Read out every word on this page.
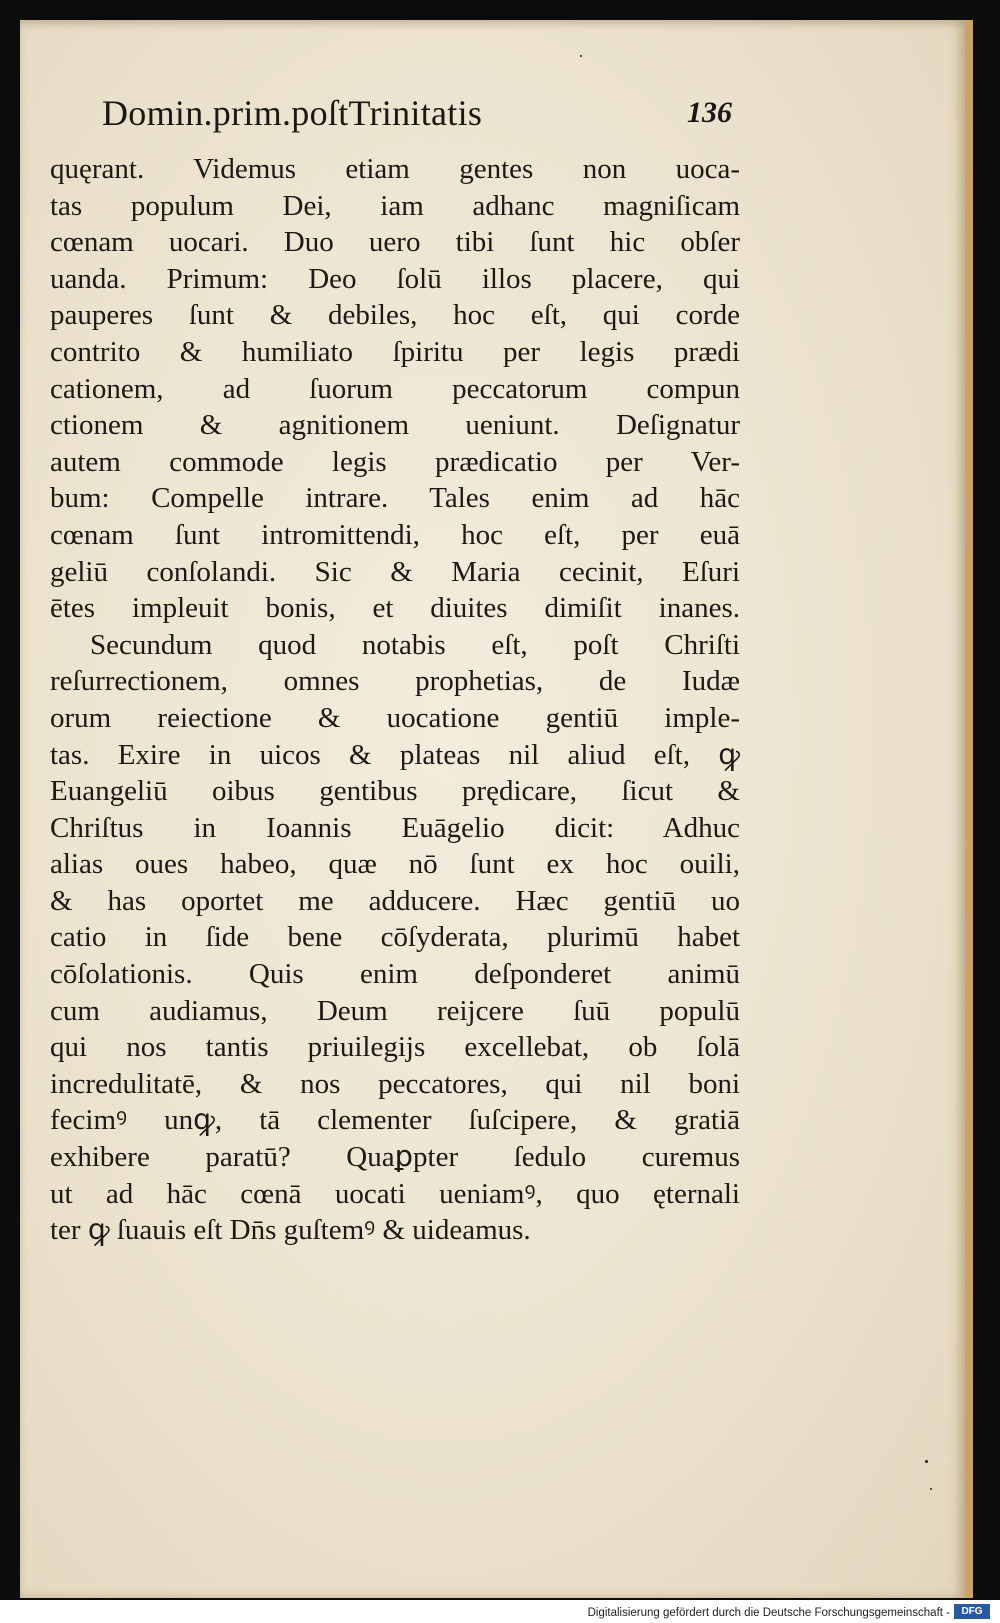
Domin.prim.poſtTrinitatis	136
quęrant. Videmus etiam gentes non uoca-
tas populum Dei, iam adhanc magniſicam
cœnam uocari. Duo uero tibi ſunt hic obſer
uanda. Primum: Deo ſolū illos placere, qui
pauperes ſunt & debiles, hoc eſt, qui corde
contrito & humiliato ſpiritu per legis prædi
cationem, ad ſuorum peccatorum compun
ctionem & agnitionem ueniunt. Deſignatur
autem commode legis prædicatio per Ver-
bum: Compelle intrare. Tales enim ad hāc
cœnam ſunt intromittendi, hoc eſt, per euā
geliū conſolandi. Sic & Maria cecinit, Eſuri
ētes impleuit bonis, et diuites dimiſit inanes.
Secundum quod notabis eſt, poſt Chriſti
reſurrectionem, omnes prophetias, de Iudæ
orum reiectione & uocatione gentiū imple-
tas. Exire in uicos & plateas nil aliud eſt, ꝙ
Euangeliū oibus gentibus prędicare, ſicut &
Chriſtus in Ioannis Euāgelio dicit: Adhuc
alias oues habeo, quæ nō ſunt ex hoc ouili,
& has oportet me adducere. Hæc gentiū uo
catio in ſide bene cōſyderata, plurimū habet
cōſolationis. Quis enim deſponderet animū
cum audiamus, Deum reijcere ſuū populū
qui nos tantis priuilegijs excellebat, ob ſolā
incredulitatē, & nos peccatores, qui nil boni
fecimꝰ unꝙ, tā clementer ſuſcipere, & gratiā
exhibere paratū? Quaꝑpter ſedulo curemus
ut ad hāc cœnā uocati ueniamꝰ, quo ęternali
ter ꝙ ſuauis eſt Dn̄s guſtemꝰ & uideamus.
Digitalisierung gefördert durch die Deutsche Forschungsgemeinschaft -	DFG
